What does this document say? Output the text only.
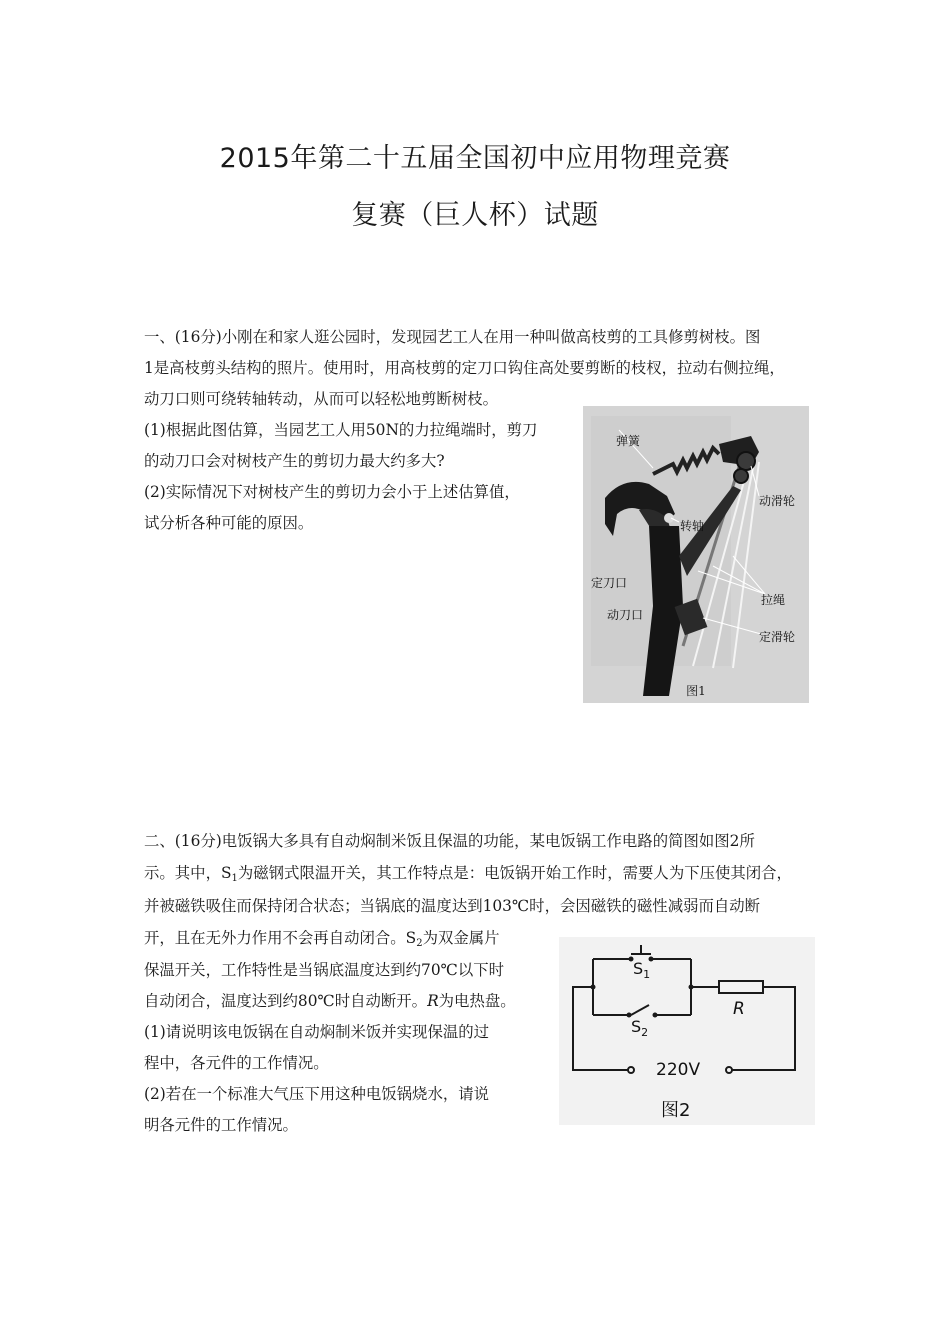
2015年第二十五届全国初中应用物理竞赛
复赛（巨人杯）试题
一、(16分)小刚在和家人逛公园时，发现园艺工人在用一种叫做高枝剪的工具修剪树枝。图
1是高枝剪头结构的照片。使用时，用高枝剪的定刀口钩住高处要剪断的枝杈，拉动右侧拉绳，
动刀口则可绕转轴转动，从而可以轻松地剪断树枝。
(1)根据此图估算，当园艺工人用50N的力拉绳端时，剪刀
的动刀口会对树枝产生的剪切力最大约多大?
(2)实际情况下对树枝产生的剪切力会小于上述估算值，
试分析各种可能的原因。
弹簧
动滑轮
转轴
定刀口
拉绳
动刀口
定滑轮
图1
二、(16分)电饭锅大多具有自动焖制米饭且保温的功能，某电饭锅工作电路的简图如图2所
示。其中，$S_1$为磁钢式限温开关，其工作特点是：电饭锅开始工作时，需要人为下压使其闭合，
并被磁铁吸住而保持闭合状态；当锅底的温度达到103℃时，会因磁铁的磁性减弱而自动断
开，且在无外力作用不会再自动闭合。$S_2$为双金属片
保温开关，工作特性是当锅底温度达到约70℃以下时
自动闭合，温度达到约80℃时自动断开。R为电热盘。
(1)请说明该电饭锅在自动焖制米饭并实现保温的过
程中，各元件的工作情况。
(2)若在一个标准大气压下用这种电饭锅烧水，请说
明各元件的工作情况。
$S_1$
$S_2$
R
220V
图2
